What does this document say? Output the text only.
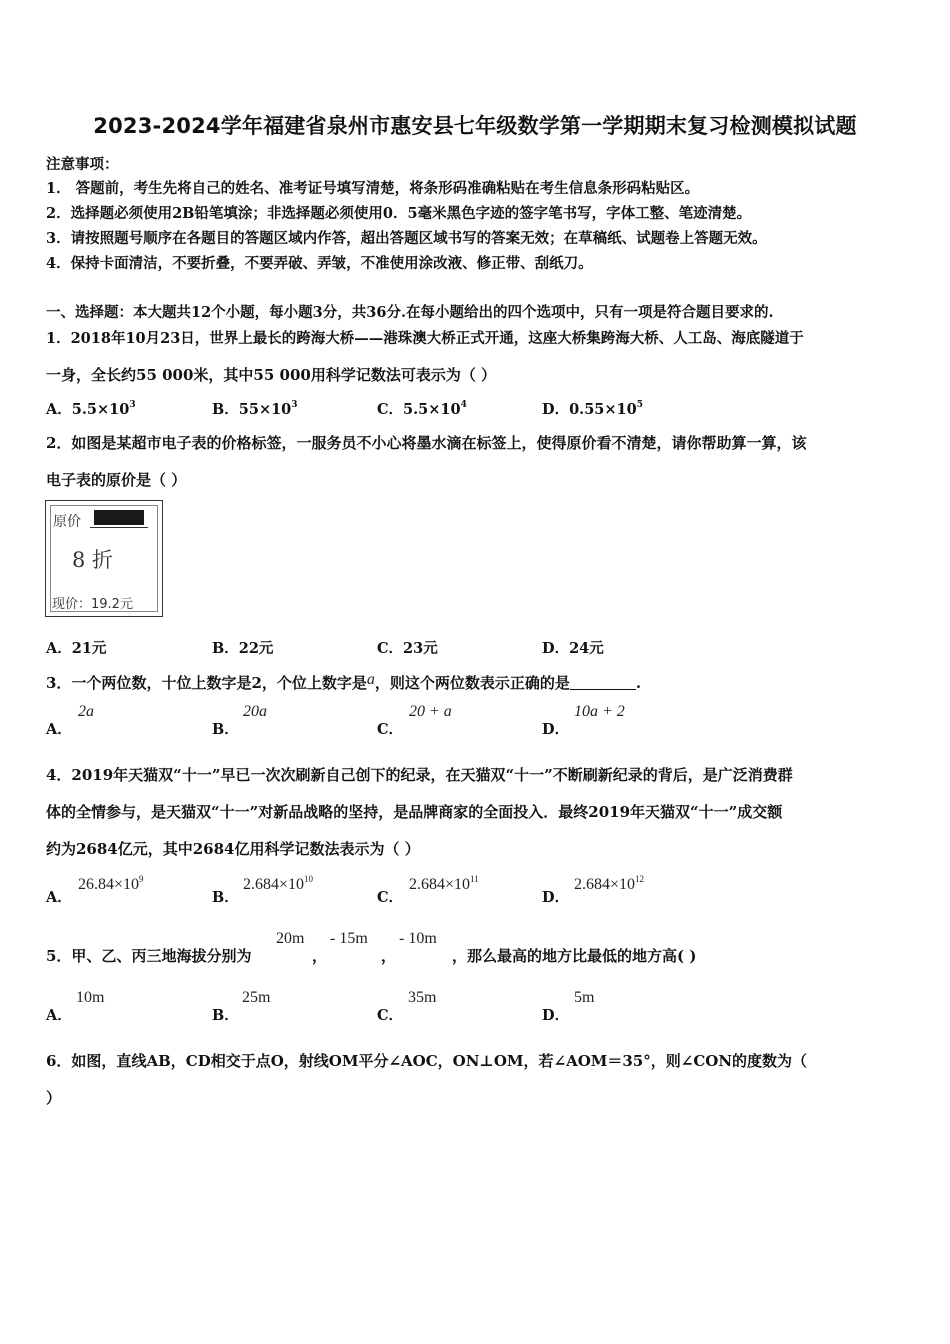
2023-2024学年福建省泉州市惠安县七年级数学第一学期期末复习检测模拟试题
注意事项：
1． 答题前，考生先将自己的姓名、准考证号填写清楚，将条形码准确粘贴在考生信息条形码粘贴区。
2．选择题必须使用2B铅笔填涂；非选择题必须使用0．5毫米黑色字迹的签字笔书写，字体工整、笔迹清楚。
3．请按照题号顺序在各题目的答题区域内作答，超出答题区域书写的答案无效；在草稿纸、试题卷上答题无效。
4．保持卡面清洁，不要折叠，不要弄破、弄皱，不准使用涂改液、修正带、刮纸刀。
一、选择题：本大题共12个小题，每小题3分，共36分.在每小题给出的四个选项中，只有一项是符合题目要求的.
1．2018年10月23日，世界上最长的跨海大桥——港珠澳大桥正式开通，这座大桥集跨海大桥、人工岛、海底隧道于
一身，全长约55 000米，其中55 000用科学记数法可表示为（ ）
A．$5.5\times 10^3$	B．$55\times 10^3$	C．$5.5\times 10^4$	D．$0.55\times 10^5$
2．如图是某超市电子表的价格标签，一服务员不小心将墨水滴在标签上，使得原价看不清楚，请你帮助算一算，该
电子表的原价是（ ）
原价
8 折
现价：19.2元
A．21元	B．22元	C．23元	D．24元
3．一个两位数，十位上数字是2，个位上数字是a，则这个两位数表示正确的是	.
A．
2a
B．
20a
C．
20 + a
D．
10a + 2
4．2019年天猫双“十一”早已一次次刷新自己创下的纪录，在天猫双“十一”不断刷新纪录的背后，是广泛消费群
体的全情参与，是天猫双“十一”对新品战略的坚持，是品牌商家的全面投入．最终2019年天猫双“十一”成交额
约为2684亿元，其中2684亿用科学记数法表示为（ ）
A．
$26.84\times 10^9$
B．
$2.684\times 10^{10}$
C．
$2.684\times 10^{11}$
D．
$2.684\times 10^{12}$
5．甲、乙、丙三地海拔分别为
20m
，
- 15m
，
- 10m
，那么最高的地方比最低的地方高( )
A．
10m
B．
25m
C．
35m
D．
5m
6．如图，直线AB，CD相交于点O，射线OM平分∠AOC，ON⊥OM，若∠AOM＝35°，则∠CON的度数为（
）
